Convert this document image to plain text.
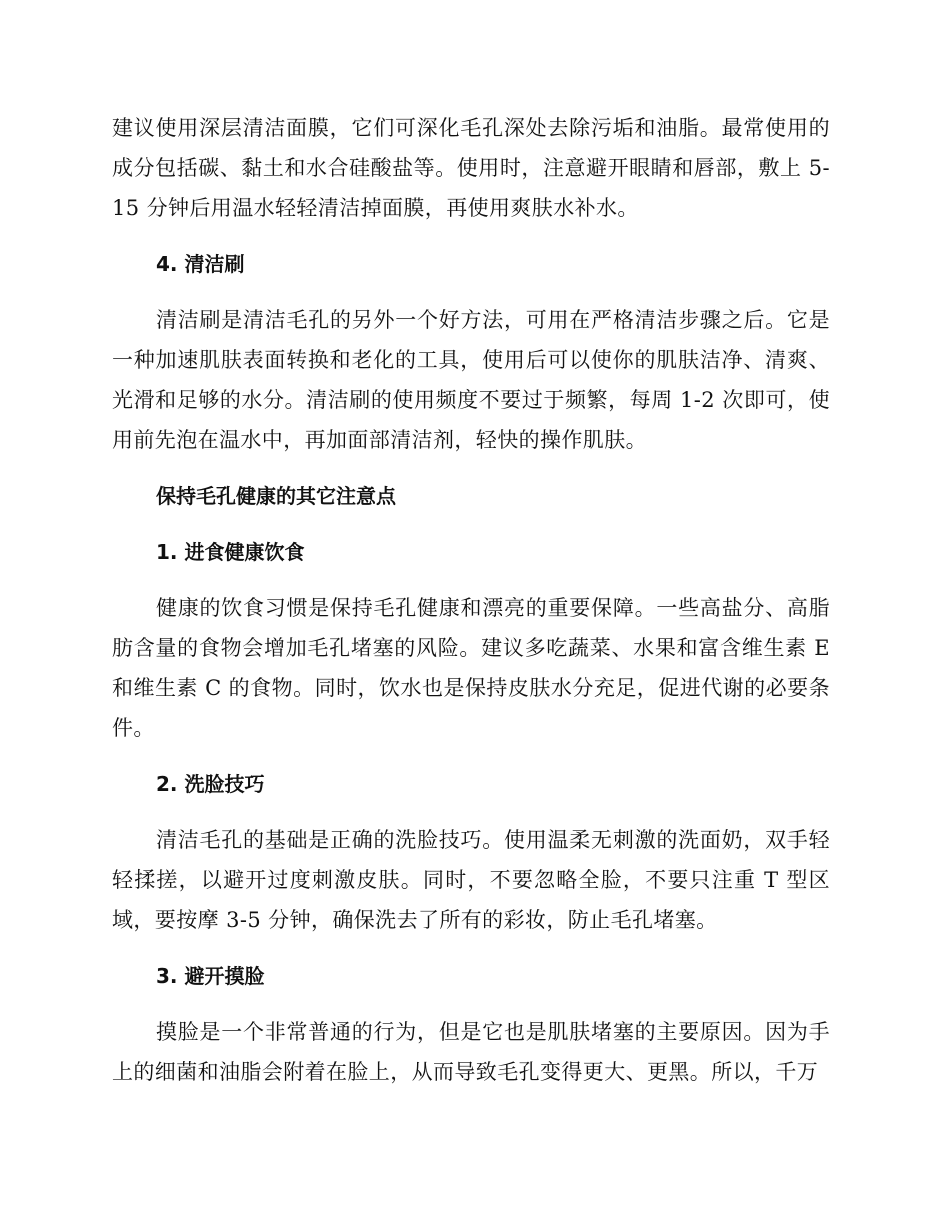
建议使用深层清洁面膜，它们可深化毛孔深处去除污垢和油脂。最常使用的成分包括碳、黏土和水合硅酸盐等。使用时，注意避开眼睛和唇部，敷上 5-15 分钟后用温水轻轻清洁掉面膜，再使用爽肤水补水。

4. 清洁刷

清洁刷是清洁毛孔的另外一个好方法，可用在严格清洁步骤之后。它是一种加速肌肤表面转换和老化的工具，使用后可以使你的肌肤洁净、清爽、光滑和足够的水分。清洁刷的使用频度不要过于频繁，每周 1-2 次即可，使用前先泡在温水中，再加面部清洁剂，轻快的操作肌肤。

保持毛孔健康的其它注意点
1. 进食健康饮食

健康的饮食习惯是保持毛孔健康和漂亮的重要保障。一些高盐分、高脂肪含量的食物会增加毛孔堵塞的风险。建议多吃蔬菜、水果和富含维生素 E 和维生素 C 的食物。同时，饮水也是保持皮肤水分充足，促进代谢的必要条件。

2. 洗脸技巧

清洁毛孔的基础是正确的洗脸技巧。使用温柔无刺激的洗面奶，双手轻轻揉搓，以避开过度刺激皮肤。同时，不要忽略全脸，不要只注重 T 型区域，要按摩 3-5 分钟，确保洗去了所有的彩妆，防止毛孔堵塞。

3. 避开摸脸

摸脸是一个非常普通的行为，但是它也是肌肤堵塞的主要原因。因为手上的细菌和油脂会附着在脸上，从而导致毛孔变得更大、更黑。所以，千万
